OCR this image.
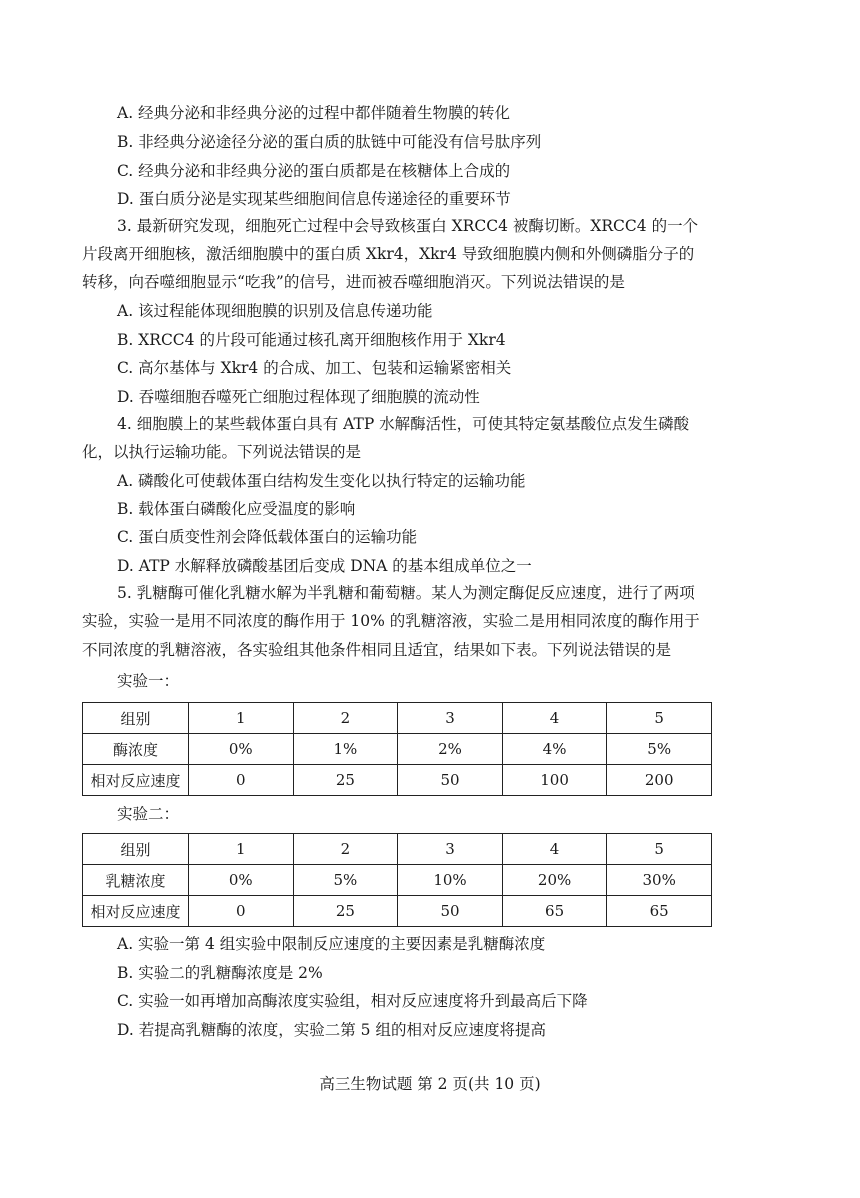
A. 经典分泌和非经典分泌的过程中都伴随着生物膜的转化
B. 非经典分泌途径分泌的蛋白质的肽链中可能没有信号肽序列
C. 经典分泌和非经典分泌的蛋白质都是在核糖体上合成的
D. 蛋白质分泌是实现某些细胞间信息传递途径的重要环节
3. 最新研究发现，细胞死亡过程中会导致核蛋白 XRCC4 被酶切断。XRCC4 的一个
片段离开细胞核，激活细胞膜中的蛋白质 Xkr4，Xkr4 导致细胞膜内侧和外侧磷脂分子的
转移，向吞噬细胞显示“吃我”的信号，进而被吞噬细胞消灭。下列说法错误的是
A. 该过程能体现细胞膜的识别及信息传递功能
B. XRCC4 的片段可能通过核孔离开细胞核作用于 Xkr4
C. 高尔基体与 Xkr4 的合成、加工、包装和运输紧密相关
D. 吞噬细胞吞噬死亡细胞过程体现了细胞膜的流动性
4. 细胞膜上的某些载体蛋白具有 ATP 水解酶活性，可使其特定氨基酸位点发生磷酸
化，以执行运输功能。下列说法错误的是
A. 磷酸化可使载体蛋白结构发生变化以执行特定的运输功能
B. 载体蛋白磷酸化应受温度的影响
C. 蛋白质变性剂会降低载体蛋白的运输功能
D. ATP 水解释放磷酸基团后变成 DNA 的基本组成单位之一
5. 乳糖酶可催化乳糖水解为半乳糖和葡萄糖。某人为测定酶促反应速度，进行了两项
实验，实验一是用不同浓度的酶作用于 10% 的乳糖溶液，实验二是用相同浓度的酶作用于
不同浓度的乳糖溶液，各实验组其他条件相同且适宜，结果如下表。下列说法错误的是
实验一：
组别	1	2	3	4	5
酶浓度	0%	1%	2%	4%	5%
相对反应速度	0	25	50	100	200
实验二：
组别	1	2	3	4	5
乳糖浓度	0%	5%	10%	20%	30%
相对反应速度	0	25	50	65	65
A. 实验一第 4 组实验中限制反应速度的主要因素是乳糖酶浓度
B. 实验二的乳糖酶浓度是 2%
C. 实验一如再增加高酶浓度实验组，相对反应速度将升到最高后下降
D. 若提高乳糖酶的浓度，实验二第 5 组的相对反应速度将提高
高三生物试题 第 2 页(共 10 页)
